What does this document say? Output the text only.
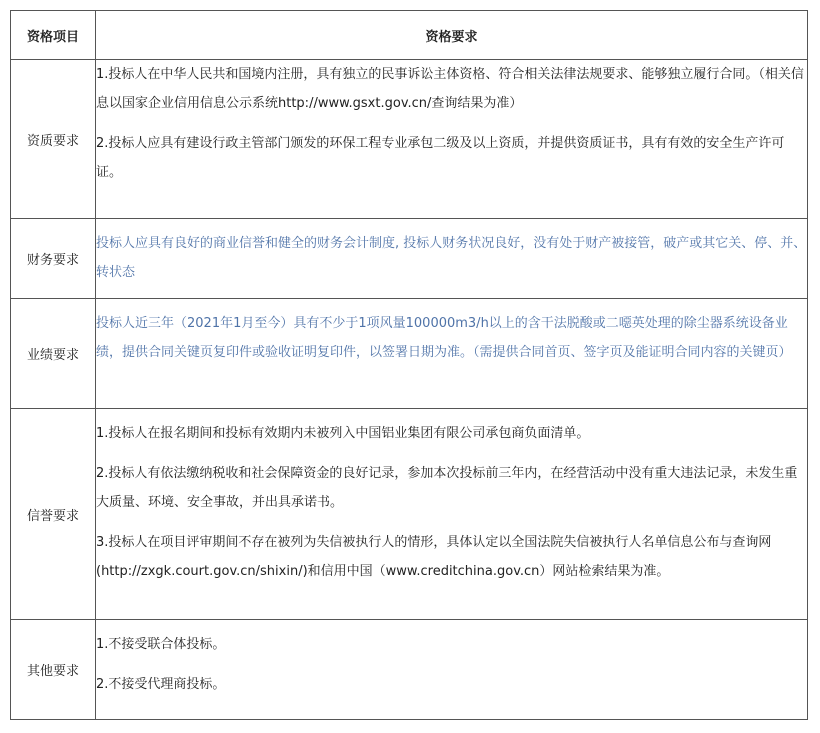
资格项目	资格要求
资质要求	1.投标人在中华人民共和国境内注册，具有独立的民事诉讼主体资格、符合相关法律法规要求、能够独立履行合同。（相关信息以国家企业信用信息公示系统http://www.gsxt.gov.cn/查询结果为准）

2.投标人应具有建设行政主管部门颁发的环保工程专业承包二级及以上资质，并提供资质证书，具有有效的安全生产许可证。

财务要求	投标人应具有良好的商业信誉和健全的财务会计制度, 投标人财务状况良好，没有处于财产被接管，破产或其它关、停、并、转状态

业绩要求	投标人近三年（2021年1月至今）具有不少于1项风量100000m3/h以上的含干法脱酸或二噁英处理的除尘器系统设备业绩，提供合同关键页复印件或验收证明复印件，以签署日期为准。（需提供合同首页、签字页及能证明合同内容的关键页）

信誉要求	1.投标人在报名期间和投标有效期内未被列入中国铝业集团有限公司承包商负面清单。

2.投标人有依法缴纳税收和社会保障资金的良好记录，参加本次投标前三年内，在经营活动中没有重大违法记录，未发生重大质量、环境、安全事故，并出具承诺书。

3.投标人在项目评审期间不存在被列为失信被执行人的情形，具体认定以全国法院失信被执行人名单信息公布与查询网(http://zxgk.court.gov.cn/shixin/)和信用中国（www.creditchina.gov.cn）网站检索结果为准。

其他要求	1.不接受联合体投标。

2.不接受代理商投标。
